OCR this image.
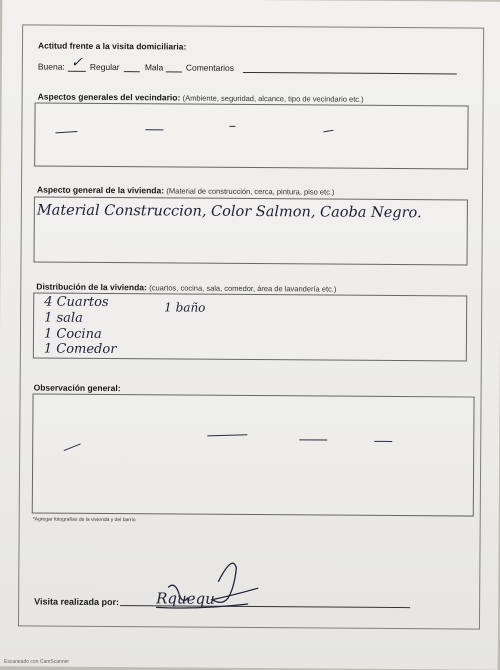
Actitud frente a la visita domiciliaria:
Buena: ✓ Regular	Mala	Comentarios
Aspectos generales del vecindario: (Ambiente, seguridad, alcance, tipo de vecindario etc.)
Aspecto general de la vivienda: (Material de construcción, cerca, pintura, piso etc.)
Material Construccion, Color Salmon, Caoba Negro.
Distribución de la vivienda: (cuartos, cocina, sala, comedor, área de lavandería etc.)
4 Cuartos
1 sala
1 Cocina
1 Comedor
1 baño
Observación general:
*Agregar fotografías de la vivienda y del barrio
Visita realizada por: Rquequ
Escaneado con CamScanner
